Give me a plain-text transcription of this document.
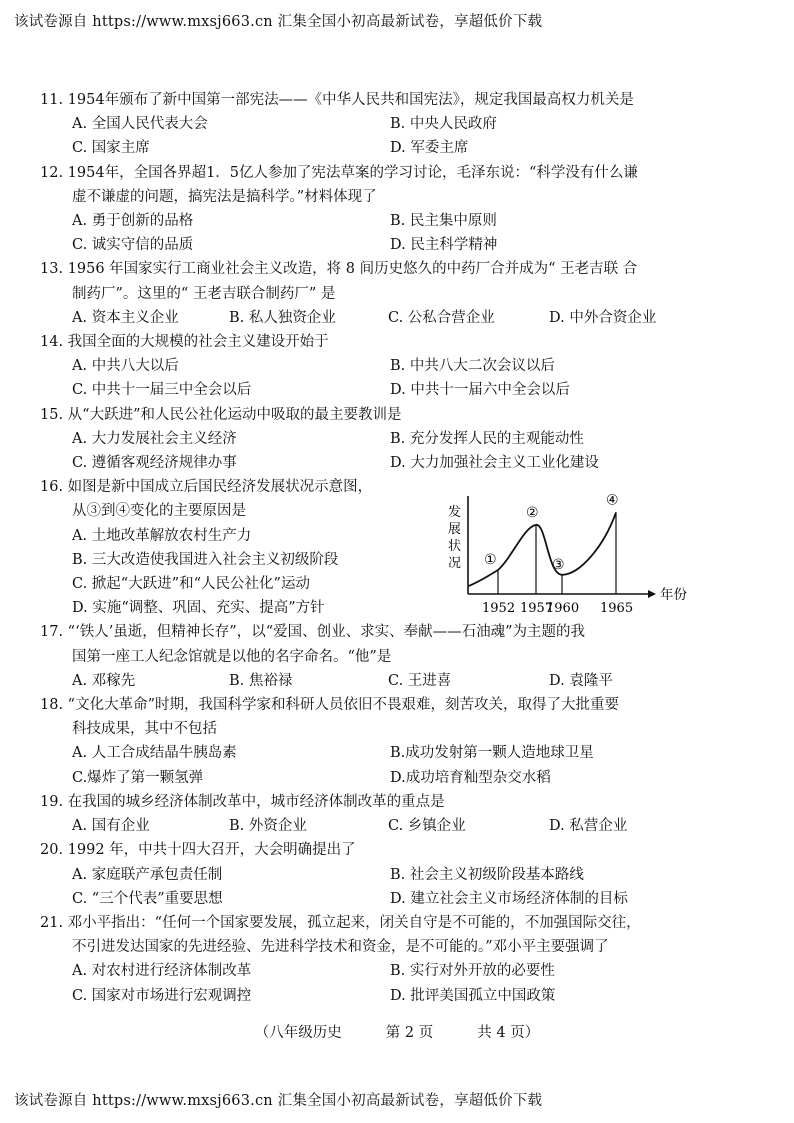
该试卷源自 https://www.mxsj663.cn 汇集全国小初高最新试卷，享超低价下载
11. 1954年颁布了新中国第一部宪法——《中华人民共和国宪法》，规定我国最高权力机关是
A. 全国人民代表大会	B. 中央人民政府
C. 国家主席	D. 军委主席
12. 1954年，全国各界超1．5亿人参加了宪法草案的学习讨论，毛泽东说：“科学没有什么谦
虚不谦虚的问题，搞宪法是搞科学。”材料体现了
A. 勇于创新的品格	B. 民主集中原则
C. 诚实守信的品质	D. 民主科学精神
13. 1956 年国家实行工商业社会主义改造，将 8 间历史悠久的中药厂合并成为“ 王老吉联 合
制药厂”。这里的“ 王老吉联合制药厂” 是
A. 资本主义企业	B. 私人独资企业	C. 公私合营企业	D. 中外合资企业
14. 我国全面的大规模的社会主义建设开始于
A. 中共八大以后	B. 中共八大二次会议以后
C. 中共十一届三中全会以后	D. 中共十一届六中全会以后
15. 从“大跃进”和人民公社化运动中吸取的最主要教训是
A. 大力发展社会主义经济	B. 充分发挥人民的主观能动性
C. 遵循客观经济规律办事	D. 大力加强社会主义工业化建设
16. 如图是新中国成立后国民经济发展状况示意图，
从③到④变化的主要原因是
A. 土地改革解放农村生产力
B. 三大改造使我国进入社会主义初级阶段
C. 掀起“大跃进”和“人民公社化”运动
D. 实施“调整、巩固、充实、提高”方针
17. “‘铁人’虽逝，但精神长存”，以“爱国、创业、求实、奉献——石油魂”为主题的我
国第一座工人纪念馆就是以他的名字命名。“他”是
A. 邓稼先	B. 焦裕禄	C. 王进喜	D. 袁隆平
18. “文化大革命”时期，我国科学家和科研人员依旧不畏艰难，刻苦攻关，取得了大批重要
科技成果，其中不包括
A. 人工合成结晶牛胰岛素	B.成功发射第一颗人造地球卫星
C.爆炸了第一颗氢弹	D.成功培育籼型杂交水稻
19. 在我国的城乡经济体制改革中，城市经济体制改革的重点是
A. 国有企业	B. 外资企业	C. 乡镇企业	D. 私营企业
20. 1992 年，中共十四大召开，大会明确提出了
A. 家庭联产承包责任制	B. 社会主义初级阶段基本路线
C. “三个代表”重要思想	D. 建立社会主义市场经济体制的目标
21. 邓小平指出：“任何一个国家要发展，孤立起来，闭关自守是不可能的，不加强国际交往，
不引进发达国家的先进经验、先进科学技术和资金，是不可能的。”邓小平主要强调了
A. 对农村进行经济体制改革	B. 实行对外开放的必要性
C. 国家对市场进行宏观调控	D. 批评美国孤立中国政策
发展状况 ①
②
③
④
1952 1957
1960 1965
年份
（八年级历史	第 2 页	共 4 页）
该试卷源自 https://www.mxsj663.cn 汇集全国小初高最新试卷，享超低价下载
